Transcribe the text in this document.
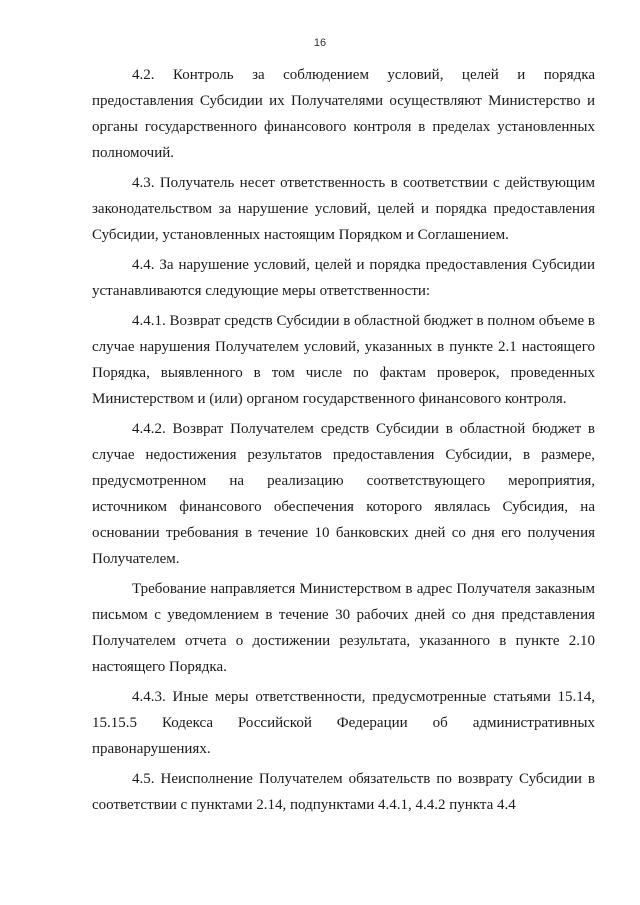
16

4.2. Контроль за соблюдением условий, целей и порядка предоставления Субсидии их Получателями осуществляют Министерство и органы государственного финансового контроля в пределах установленных полномочий.

4.3. Получатель несет ответственность в соответствии с действующим законодательством за нарушение условий, целей и порядка предоставления Субсидии, установленных настоящим Порядком и Соглашением.

4.4. За нарушение условий, целей и порядка предоставления Субсидии устанавливаются следующие меры ответственности:

4.4.1. Возврат средств Субсидии в областной бюджет в полном объеме в случае нарушения Получателем условий, указанных в пункте 2.1 настоящего Порядка, выявленного в том числе по фактам проверок, проведенных Министерством и (или) органом государственного финансового контроля.

4.4.2. Возврат Получателем средств Субсидии в областной бюджет в случае недостижения результатов предоставления Субсидии, в размере, предусмотренном на реализацию соответствующего мероприятия, источником финансового обеспечения которого являлась Субсидия, на основании требования в течение 10 банковских дней со дня его получения Получателем.

Требование направляется Министерством в адрес Получателя заказным письмом с уведомлением в течение 30 рабочих дней со дня представления Получателем отчета о достижении результата, указанного в пункте 2.10 настоящего Порядка.

4.4.3. Иные меры ответственности, предусмотренные статьями 15.14, 15.15.5 Кодекса Российской Федерации об административных правонарушениях.

4.5. Неисполнение Получателем обязательств по возврату Субсидии в соответствии с пунктами 2.14, подпунктами 4.4.1, 4.4.2 пункта 4.4
